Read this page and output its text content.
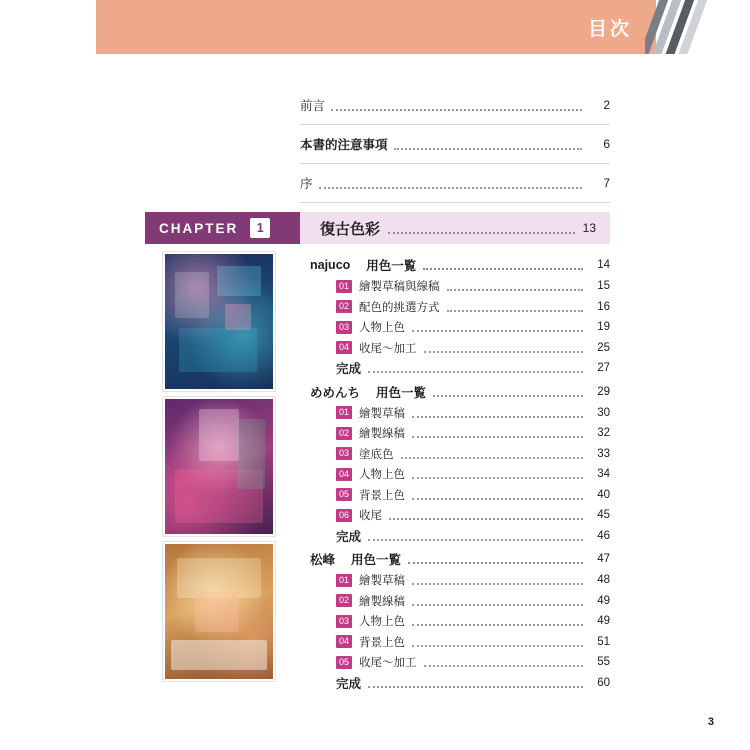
目次
前言	2
本書的注意事項	6
序	7
CHAPTER	1	復古色彩	13
najuco 用色一覧	14
01 繪製草稿與線稿	15
02 配色的挑選方式	16
03 人物上色	19
04 收尾～加工	25
完成	27
めめんち 用色一覧	29
01 繪製草稿	30
02 繪製線稿	32
03 塗底色	33
04 人物上色	34
05 背景上色	40
06 收尾	45
完成	46
松峰 用色一覧	47
01 繪製草稿	48
02 繪製線稿	49
03 人物上色	49
04 背景上色	51
05 收尾～加工	55
完成	60
3
